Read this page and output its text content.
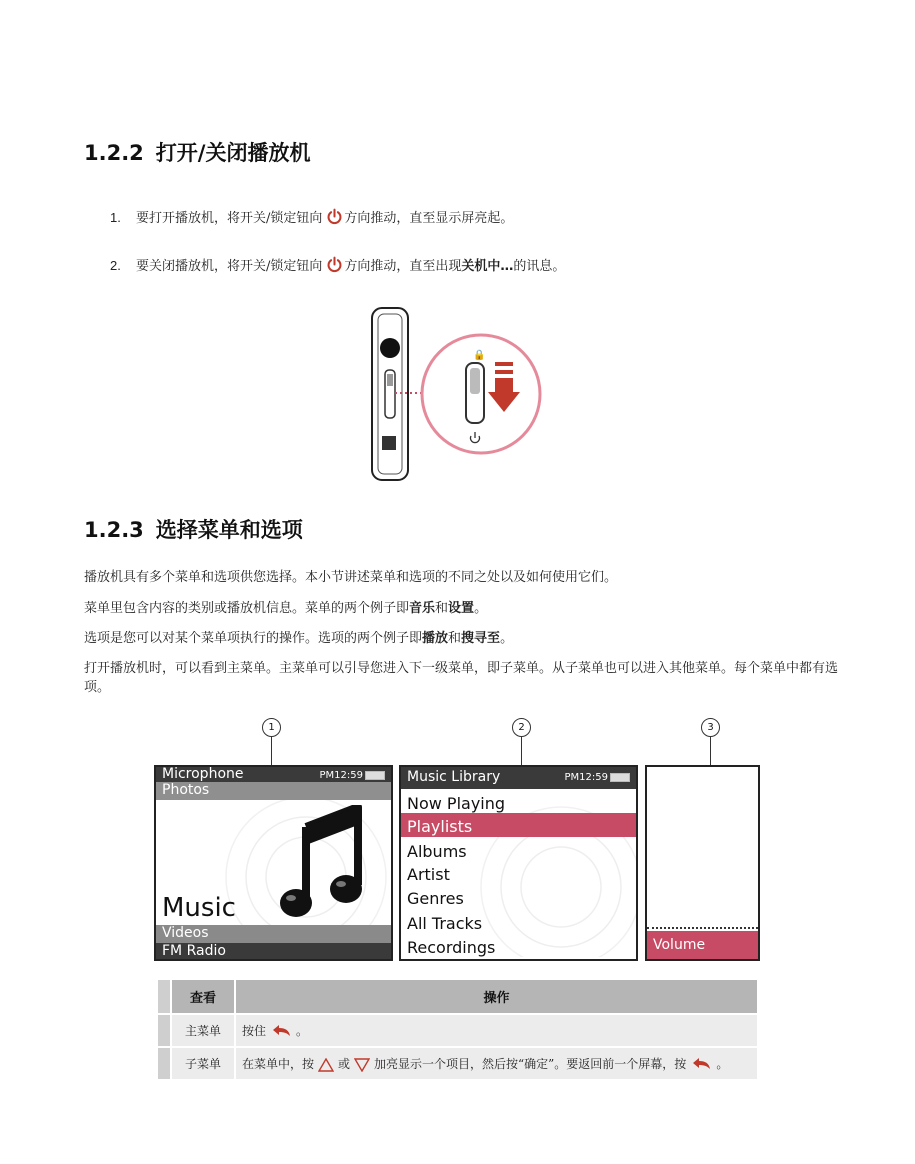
1.2.2 打开/关闭播放机
1. 要打开播放机，将开关/锁定钮向 方向推动，直至显示屏亮起。
2. 要关闭播放机，将开关/锁定钮向 方向推动，直至出现关机中…的讯息。
🔒
1.2.3 选择菜单和选项
播放机具有多个菜单和选项供您选择。本小节讲述菜单和选项的不同之处以及如何使用它们。
菜单里包含内容的类别或播放机信息。菜单的两个例子即音乐和设置。
选项是您可以对某个菜单项执行的操作。选项的两个例子即播放和搜寻至。
打开播放机时，可以看到主菜单。主菜单可以引导您进入下一级菜单，即子菜单。从子菜单也可以进入其他菜单。每个菜单中都有选项。
1	2	3
Microphone	PM12:59
Photos
Music
Videos
FM Radio
Music Library	PM12:59
Now Playing
Playlists
Albums
Artist
Genres
All Tracks
Recordings	Volume
	查看	操作
	主菜单	按住 。
	子菜单	在菜单中，按 或 加亮显示一个项目，然后按“确定”。要返回前一个屏幕，按 。
